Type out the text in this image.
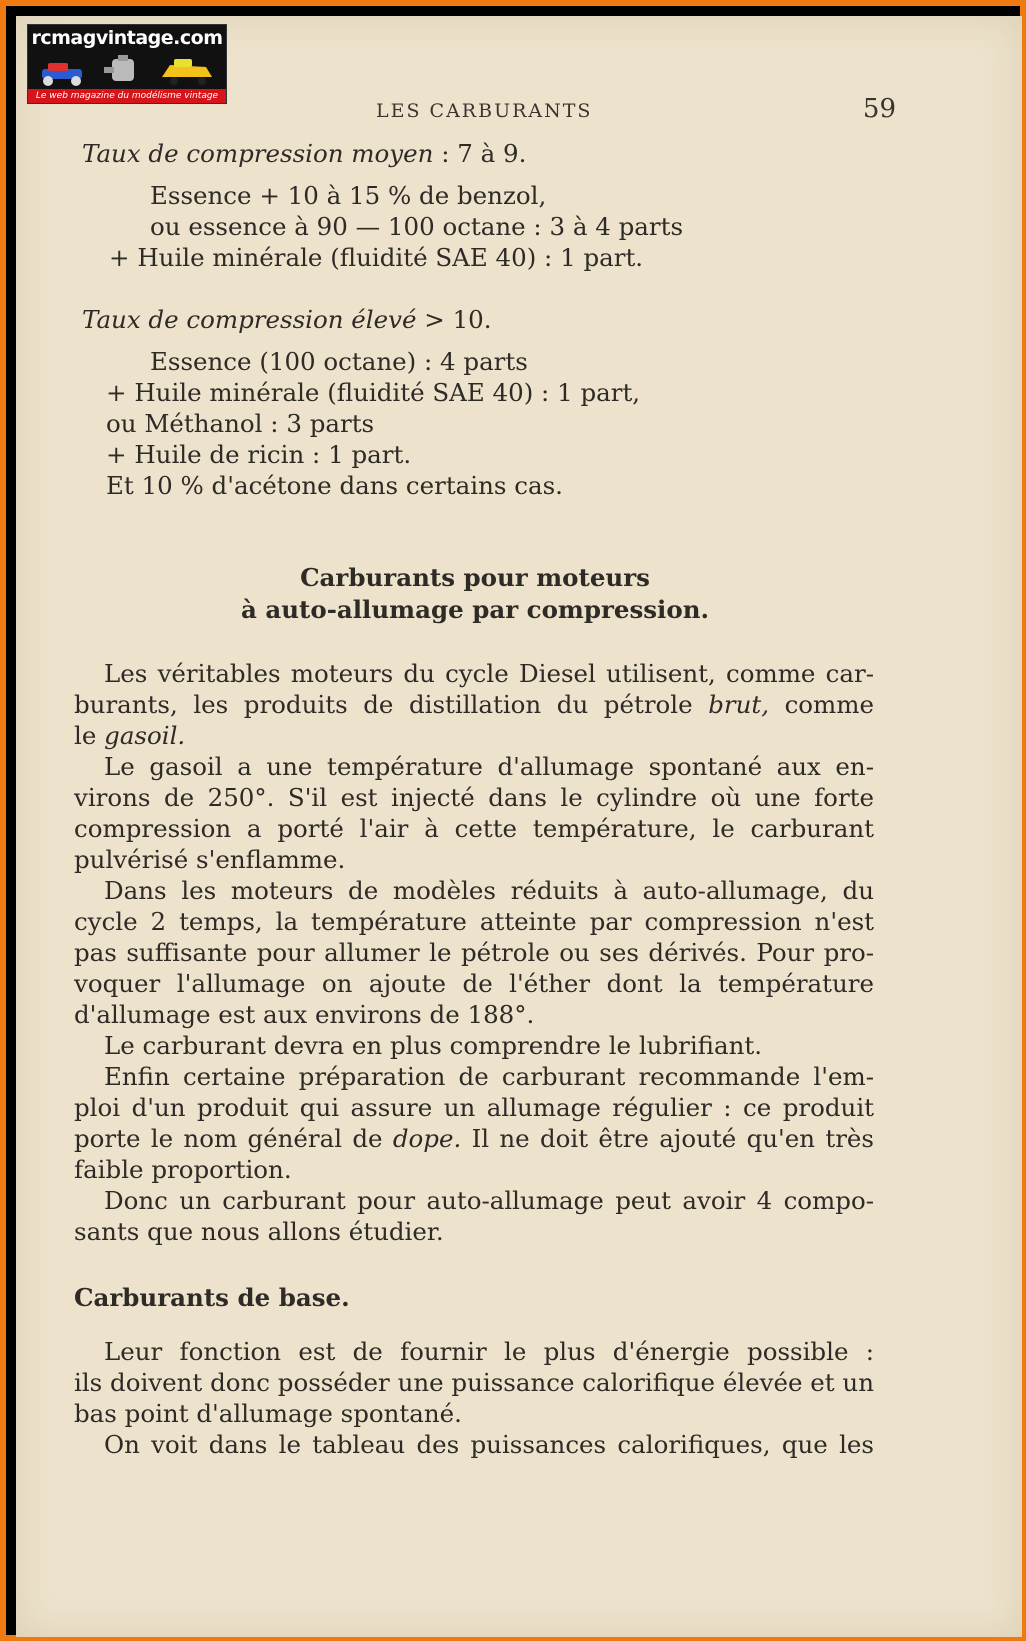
rcmagvintage.com
Le web magazine du modélisme vintage
LES CARBURANTS	59
Taux de compression moyen : 7 à 9.
Essence + 10 à 15 % de benzol,
ou essence à 90 — 100 octane : 3 à 4 parts
+ Huile minérale (fluidité SAE 40) : 1 part.
Taux de compression élevé > 10.
Essence (100 octane) : 4 parts
+ Huile minérale (fluidité SAE 40) : 1 part,
ou Méthanol : 3 parts
+ Huile de ricin : 1 part.
Et 10 % d'acétone dans certains cas.
Carburants pour moteurs
à auto-allumage par compression.
Les véritables moteurs du cycle Diesel utilisent, comme car-
burants, les produits de distillation du pétrole brut, comme
le gasoil.
Le gasoil a une température d'allumage spontané aux en-
virons de 250°. S'il est injecté dans le cylindre où une forte
compression a porté l'air à cette température, le carburant
pulvérisé s'enflamme.
Dans les moteurs de modèles réduits à auto-allumage, du
cycle 2 temps, la température atteinte par compression n'est
pas suffisante pour allumer le pétrole ou ses dérivés. Pour pro-
voquer l'allumage on ajoute de l'éther dont la température
d'allumage est aux environs de 188°.
Le carburant devra en plus comprendre le lubrifiant.
Enfin certaine préparation de carburant recommande l'em-
ploi d'un produit qui assure un allumage régulier : ce produit
porte le nom général de dope. Il ne doit être ajouté qu'en très
faible proportion.
Donc un carburant pour auto-allumage peut avoir 4 compo-
sants que nous allons étudier.
Carburants de base.
Leur fonction est de fournir le plus d'énergie possible :
ils doivent donc posséder une puissance calorifique élevée et un
bas point d'allumage spontané.
On voit dans le tableau des puissances calorifiques, que les
